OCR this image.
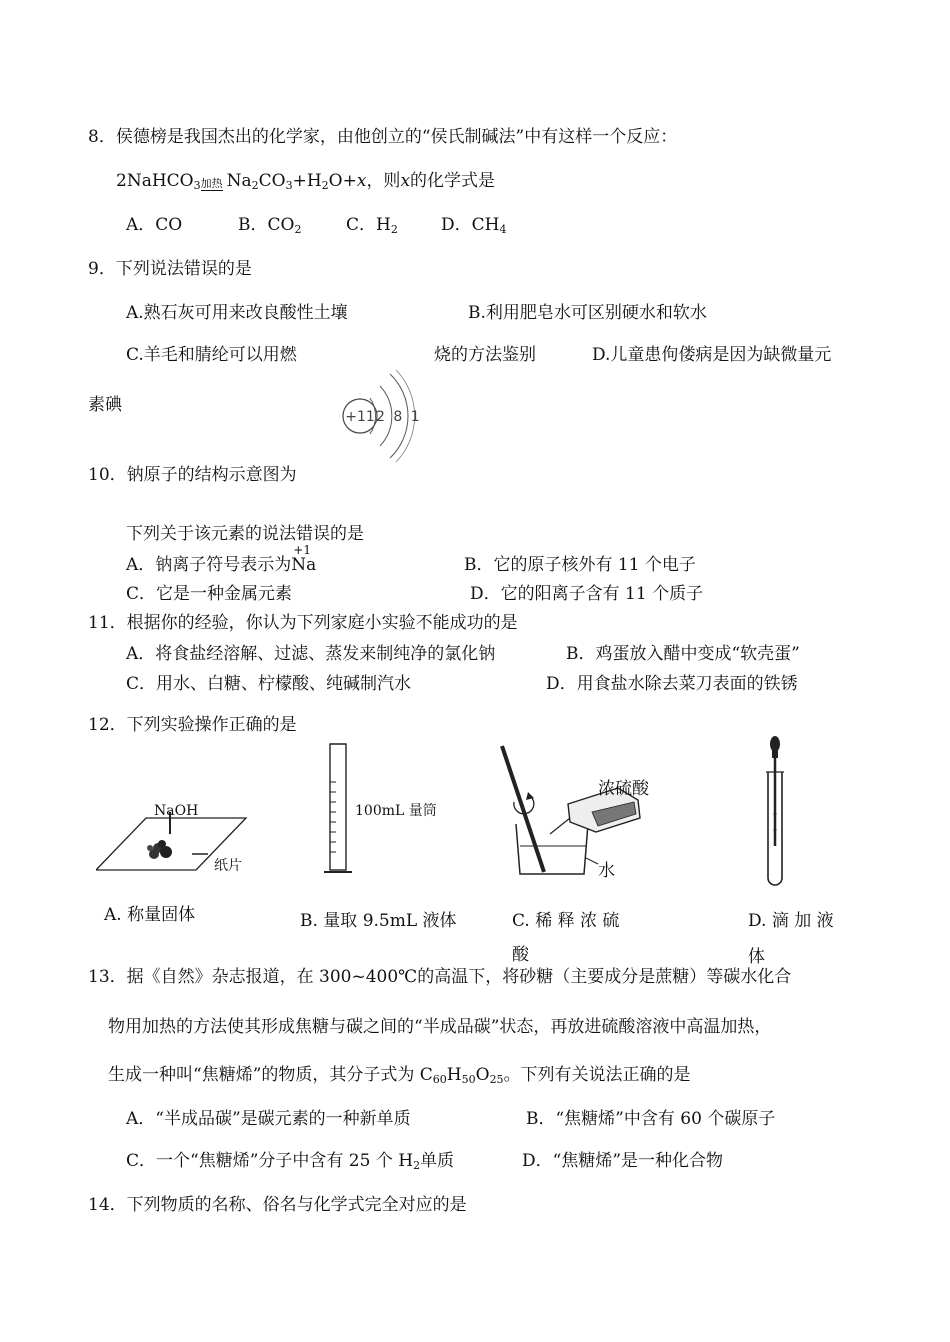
8．侯德榜是我国杰出的化学家，由他创立的“侯氏制碱法”中有这样一个反应：
2NaHCO$_3$ 加热 $Na_2CO_3+H_2O+x$，则x的化学式是
A．CO	B．$CO_2$	C．$H_2$	D．$CH_4$
9．下列说法错误的是
A.熟石灰可用来改良酸性土壤	B.利用肥皂水可区别硬水和软水
C.羊毛和腈纶可以用燃	烧的方法鉴别	D.儿童患佝偻病是因为缺微量元
素碘
+11 2 8 1
10．钠原子的结构示意图为
下列关于该元素的说法错误的是
A．钠离子符号表示为
+1
Na	B．它的原子核外有 11 个电子
C．它是一种金属元素	D．它的阳离子含有 11 个质子
11．根据你的经验，你认为下列家庭小实验不能成功的是
A．将食盐经溶解、过滤、蒸发来制纯净的氯化钠	B．鸡蛋放入醋中变成“软壳蛋”
C．用水、白糖、柠檬酸、纯碱制汽水	D．用食盐水除去菜刀表面的铁锈
12．下列实验操作正确的是
NaOH
纸片
100mL 量筒
浓硫酸
水
A. 称量固体	B. 量取 9.5mL 液体	C. 稀 释 浓 硫
酸
D. 滴 加 液
体
13．据《自然》杂志报道，在 300~400℃的高温下，将砂糖（主要成分是蔗糖）等碳水化合
物用加热的方法使其形成焦糖与碳之间的“半成品碳”状态，再放进硫酸溶液中高温加热，
生成一种叫“焦糖烯”的物质，其分子式为 $C_{60}H_{50}O_{25}$。下列有关说法正确的是
A．“半成品碳”是碳元素的一种新单质	B．“焦糖烯”中含有 60 个碳原子
C．一个“焦糖烯”分子中含有 25 个 $H_2$单质	D．“焦糖烯”是一种化合物
14．下列物质的名称、俗名与化学式完全对应的是
